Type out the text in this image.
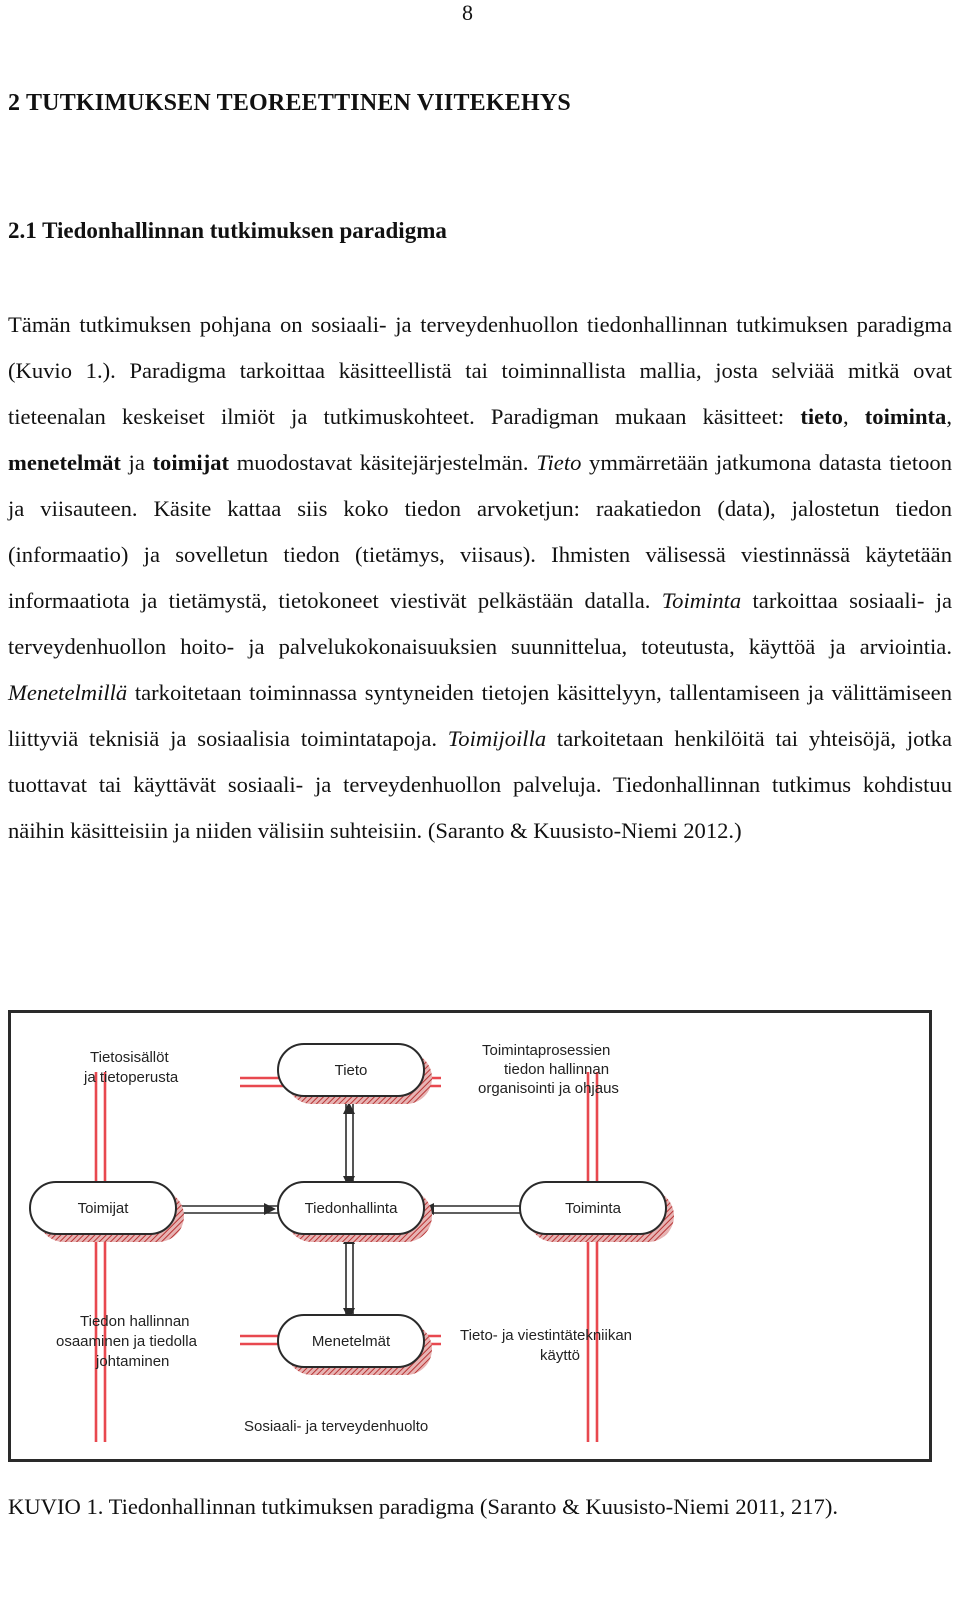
8
2 TUTKIMUKSEN TEOREETTINEN VIITEKEHYS
2.1 Tiedonhallinnan tutkimuksen paradigma

Tämän tutkimuksen pohjana on sosiaali- ja terveydenhuollon tiedonhallinnan tutkimuksen paradigma (Kuvio 1.). Paradigma tarkoittaa käsitteellistä tai toiminnallista mallia, josta selviää mitkä ovat tieteenalan keskeiset ilmiöt ja tutkimuskohteet. Paradigman mukaan käsitteet: tieto, toiminta, menetelmät ja toimijat muodostavat käsitejärjestelmän. Tieto ymmärretään jatkumona datasta tietoon ja viisauteen. Käsite kattaa siis koko tiedon arvoketjun: raakatiedon (data), jalostetun tiedon (informaatio) ja sovelletun tiedon (tietämys, viisaus). Ihmisten välisessä viestinnässä käytetään informaatiota ja tietämystä, tietokoneet viestivät pelkästään datalla. Toiminta tarkoittaa sosiaali- ja terveydenhuollon hoito- ja palvelukokonaisuuksien suunnittelua, toteutusta, käyttöä ja arviointia. Menetelmillä tarkoitetaan toiminnassa syntyneiden tietojen käsittelyyn, tallentamiseen ja välittämiseen liittyviä teknisiä ja sosiaalisia toimintatapoja. Toimijoilla tarkoitetaan henkilöitä tai yhteisöjä, jotka tuottavat tai käyttävät sosiaali- ja terveydenhuollon palveluja. Tiedonhallinnan tutkimus kohdistuu näihin käsitteisiin ja niiden välisiin suhteisiin. (Saranto & Kuusisto-Niemi 2012.)

Tieto
Toimijat	Tiedonhallinta	Toiminta
Menetelmät
Tietosisällöt
ja tietoperusta
Toimintaprosessien
tiedon hallinnan
organisointi ja ohjaus
Tiedon hallinnan
osaaminen ja tiedolla
johtaminen
Tieto- ja viestintätekniikan
käyttö
Sosiaali- ja terveydenhuolto

KUVIO 1. Tiedonhallinnan tutkimuksen paradigma (Saranto & Kuusisto-Niemi 2011, 217).
